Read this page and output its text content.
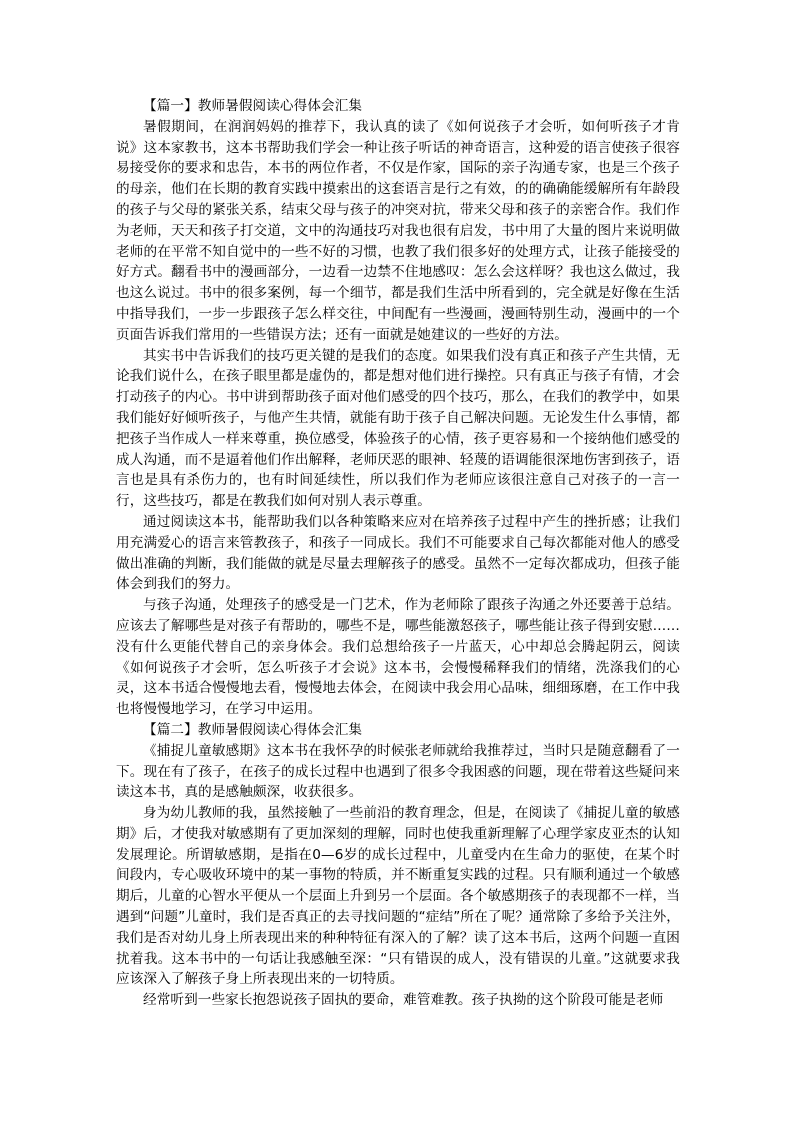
【篇一】教师暑假阅读心得体会汇集

暑假期间，在润润妈妈的推荐下，我认真的读了《如何说孩子才会听，如何听孩子才肯说》这本家教书，这本书帮助我们学会一种让孩子听话的神奇语言，这种爱的语言使孩子很容易接受你的要求和忠告，本书的两位作者，不仅是作家，国际的亲子沟通专家，也是三个孩子的母亲，他们在长期的教育实践中摸索出的这套语言是行之有效，的的确确能缓解所有年龄段的孩子与父母的紧张关系，结束父母与孩子的冲突对抗，带来父母和孩子的亲密合作。我们作为老师，天天和孩子打交道，文中的沟通技巧对我也很有启发，书中用了大量的图片来说明做老师的在平常不知自觉中的一些不好的习惯，也教了我们很多好的处理方式，让孩子能接受的好方式。翻看书中的漫画部分，一边看一边禁不住地感叹：怎么会这样呀？我也这么做过，我也这么说过。书中的很多案例，每一个细节，都是我们生活中所看到的，完全就是好像在生活中指导我们，一步一步跟孩子怎么样交往，中间配有一些漫画，漫画特别生动，漫画中的一个页面告诉我们常用的一些错误方法；还有一面就是她建议的一些好的方法。

其实书中告诉我们的技巧更关键的是我们的态度。如果我们没有真正和孩子产生共情，无论我们说什么，在孩子眼里都是虚伪的，都是想对他们进行操控。只有真正与孩子有情，才会打动孩子的内心。书中讲到帮助孩子面对他们感受的四个技巧，那么，在我们的教学中，如果我们能好好倾听孩子，与他产生共情，就能有助于孩子自己解决问题。无论发生什么事情，都把孩子当作成人一样来尊重，换位感受，体验孩子的心情，孩子更容易和一个接纳他们感受的成人沟通，而不是逼着他们作出解释，老师厌恶的眼神、轻蔑的语调能很深地伤害到孩子，语言也是具有杀伤力的，也有时间延续性，所以我们作为老师应该很注意自己对孩子的一言一行，这些技巧，都是在教我们如何对别人表示尊重。

通过阅读这本书，能帮助我们以各种策略来应对在培养孩子过程中产生的挫折感；让我们用充满爱心的语言来管教孩子，和孩子一同成长。我们不可能要求自己每次都能对他人的感受做出准确的判断，我们能做的就是尽量去理解孩子的感受。虽然不一定每次都成功，但孩子能体会到我们的努力。

与孩子沟通，处理孩子的感受是一门艺术，作为老师除了跟孩子沟通之外还要善于总结。应该去了解哪些是对孩子有帮助的，哪些不是，哪些能激怒孩子，哪些能让孩子得到安慰……没有什么更能代替自己的亲身体会。我们总想给孩子一片蓝天，心中却总会腾起阴云，阅读《如何说孩子才会听，怎么听孩子才会说》这本书，会慢慢稀释我们的情绪，洗涤我们的心灵，这本书适合慢慢地去看，慢慢地去体会，在阅读中我会用心品味，细细琢磨，在工作中我也将慢慢地学习，在学习中运用。

【篇二】教师暑假阅读心得体会汇集

《捕捉儿童敏感期》这本书在我怀孕的时候张老师就给我推荐过，当时只是随意翻看了一下。现在有了孩子，在孩子的成长过程中也遇到了很多令我困惑的问题，现在带着这些疑问来读这本书，真的是感触颇深，收获很多。

身为幼儿教师的我，虽然接触了一些前沿的教育理念，但是，在阅读了《捕捉儿童的敏感期》后，才使我对敏感期有了更加深刻的理解，同时也使我重新理解了心理学家皮亚杰的认知发展理论。所谓敏感期，是指在0—6岁的成长过程中，儿童受内在生命力的驱使，在某个时间段内，专心吸收环境中的某一事物的特质，并不断重复实践的过程。只有顺利通过一个敏感期后，儿童的心智水平便从一个层面上升到另一个层面。各个敏感期孩子的表现都不一样，当遇到“问题”儿童时，我们是否真正的去寻找问题的“症结”所在了呢？通常除了多给予关注外，我们是否对幼儿身上所表现出来的种种特征有深入的了解？读了这本书后，这两个问题一直困扰着我。这本书中的一句话让我感触至深：“只有错误的成人，没有错误的儿童。”这就要求我应该深入了解孩子身上所表现出来的一切特质。

经常听到一些家长抱怨说孩子固执的要命，难管难教。孩子执拗的这个阶段可能是老师
